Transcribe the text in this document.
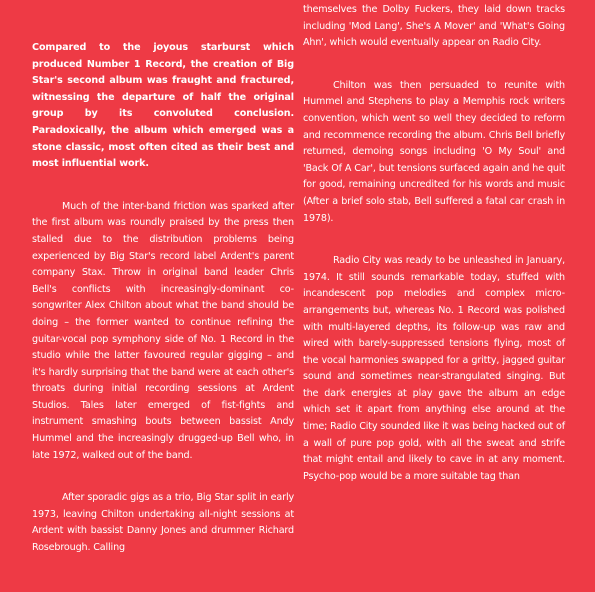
Compared to the joyous starburst which produced Number 1 Record, the creation of Big Star's second album was fraught and fractured, witnessing the departure of half the original group by its convoluted conclusion. Paradoxically, the album which emerged was a stone classic, most often cited as their best and most influential work.

Much of the inter-band friction was sparked after the first album was roundly praised by the press then stalled due to the distribution problems being experienced by Big Star's record label Ardent's parent company Stax. Throw in original band leader Chris Bell's conflicts with increasingly-dominant co-songwriter Alex Chilton about what the band should be doing – the former wanted to continue refining the guitar-vocal pop symphony side of No. 1 Record in the studio while the latter favoured regular gigging – and it's hardly surprising that the band were at each other's throats during initial recording sessions at Ardent Studios. Tales later emerged of fist-fights and instrument smashing bouts between bassist Andy Hummel and the increasingly drugged-up Bell who, in late 1972, walked out of the band.

After sporadic gigs as a trio, Big Star split in early 1973, leaving Chilton undertaking all-night sessions at Ardent with bassist Danny Jones and drummer Richard Rosebrough. Calling

themselves the Dolby Fuckers, they laid down tracks including 'Mod Lang', She's A Mover' and 'What's Going Ahn', which would eventually appear on Radio City.

Chilton was then persuaded to reunite with Hummel and Stephens to play a Memphis rock writers convention, which went so well they decided to reform and recommence recording the album. Chris Bell briefly returned, demoing songs including 'O My Soul' and 'Back Of A Car', but tensions surfaced again and he quit for good, remaining uncredited for his words and music (After a brief solo stab, Bell suffered a fatal car crash in 1978).

Radio City was ready to be unleashed in January, 1974. It still sounds remarkable today, stuffed with incandescent pop melodies and complex micro-arrangements but, whereas No. 1 Record was polished with multi-layered depths, its follow-up was raw and wired with barely-suppressed tensions flying, most of the vocal harmonies swapped for a gritty, jagged guitar sound and sometimes near-strangulated singing. But the dark energies at play gave the album an edge which set it apart from anything else around at the time; Radio City sounded like it was being hacked out of a wall of pure pop gold, with all the sweat and strife that might entail and likely to cave in at any moment. Psycho-pop would be a more suitable tag than
